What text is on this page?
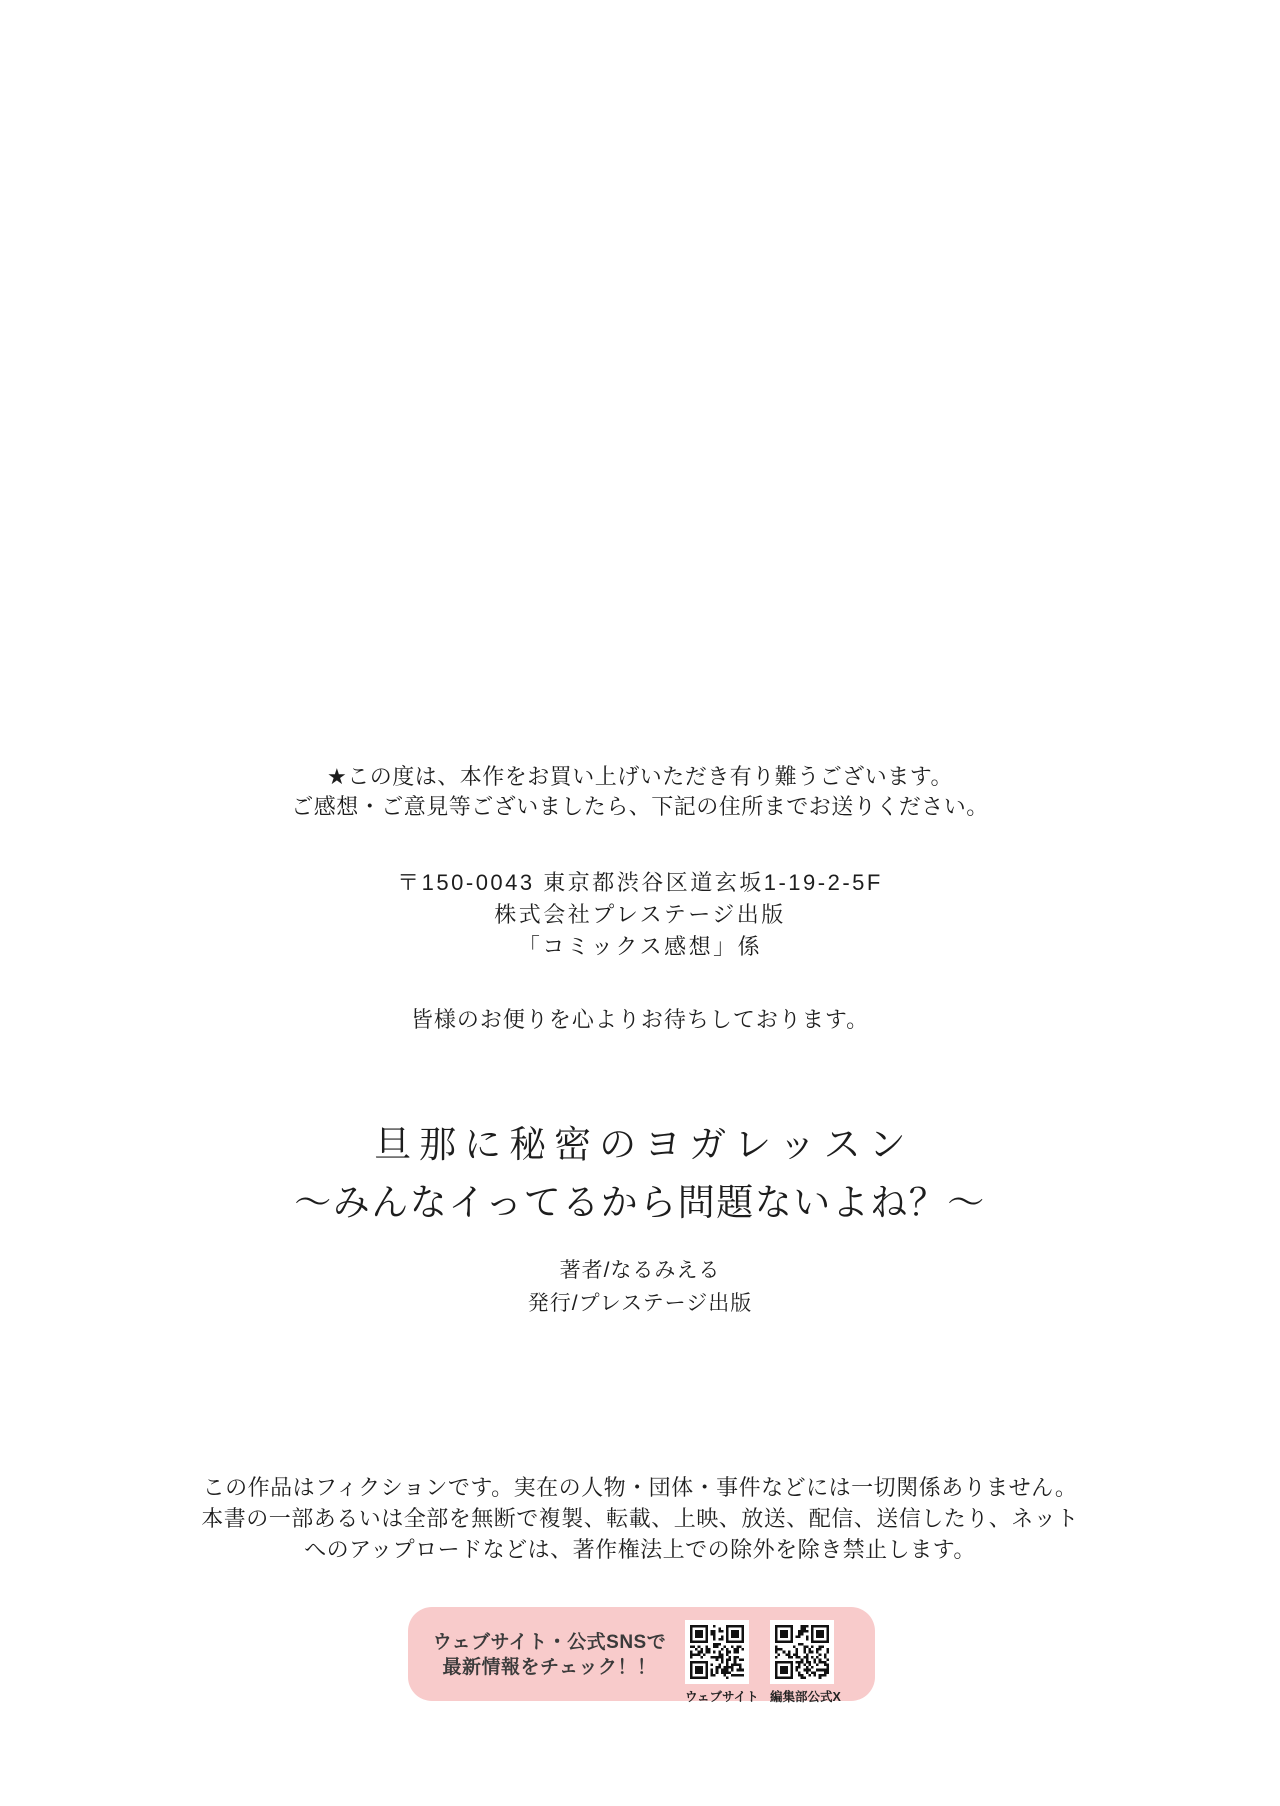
★この度は、本作をお買い上げいただき有り難うございます。
ご感想・ご意見等ございましたら、下記の住所までお送りください。
〒150-0043 東京都渋谷区道玄坂1-19-2-5F
株式会社プレステージ出版
「コミックス感想」係
皆様のお便りを心よりお待ちしております。
旦那に秘密のヨガレッスン
〜みんなイってるから問題ないよね？〜
著者/なるみえる
発行/プレステージ出版
この作品はフィクションです。実在の人物・団体・事件などには一切関係ありません。
本書の一部あるいは全部を無断で複製、転載、上映、放送、配信、送信したり、ネット
へのアップロードなどは、著作権法上での除外を除き禁止します。
ウェブサイト・公式SNSで
最新情報をチェック！！
ウェブサイト 編集部公式X
